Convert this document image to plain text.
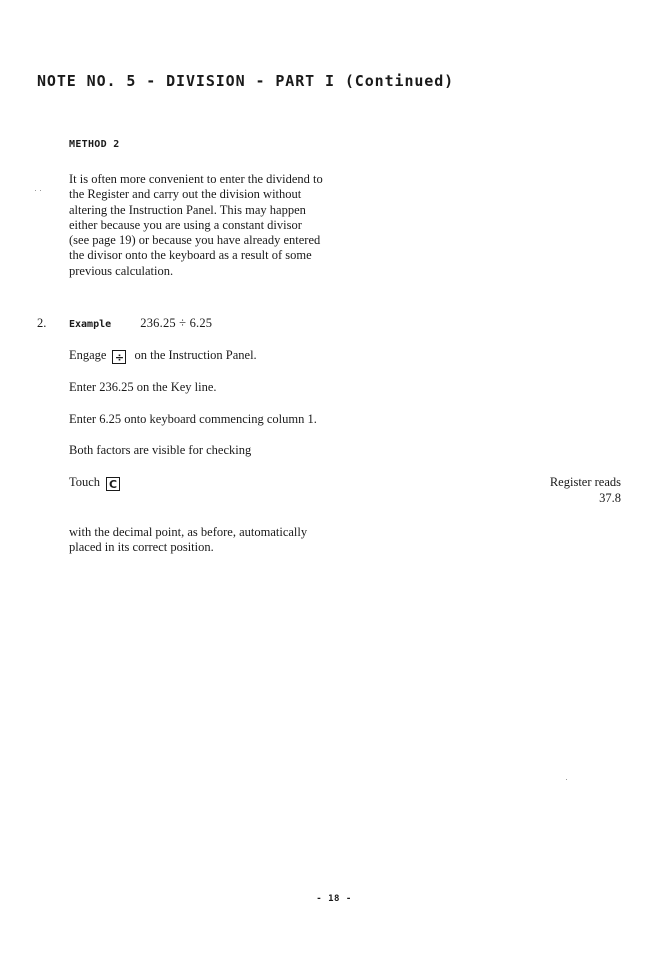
NOTE NO. 5 - DIVISION - PART I (Continued)
METHOD 2
It is often more convenient to enter the dividend to
the Register and carry out the division without
altering the Instruction Panel. This may happen
either because you are using a constant divisor
(see page 19) or because you have already entered
the divisor onto the keyboard as a result of some
previous calculation.
2. Example 236.25 ÷ 6.25
Engage ÷ on the Instruction Panel.
Enter 236.25 on the Key line.
Enter 6.25 onto keyboard commencing column 1.
Both factors are visible for checking
Touch C	Register reads
37.8
with the decimal point, as before, automatically
placed in its correct position.
- 18 -
